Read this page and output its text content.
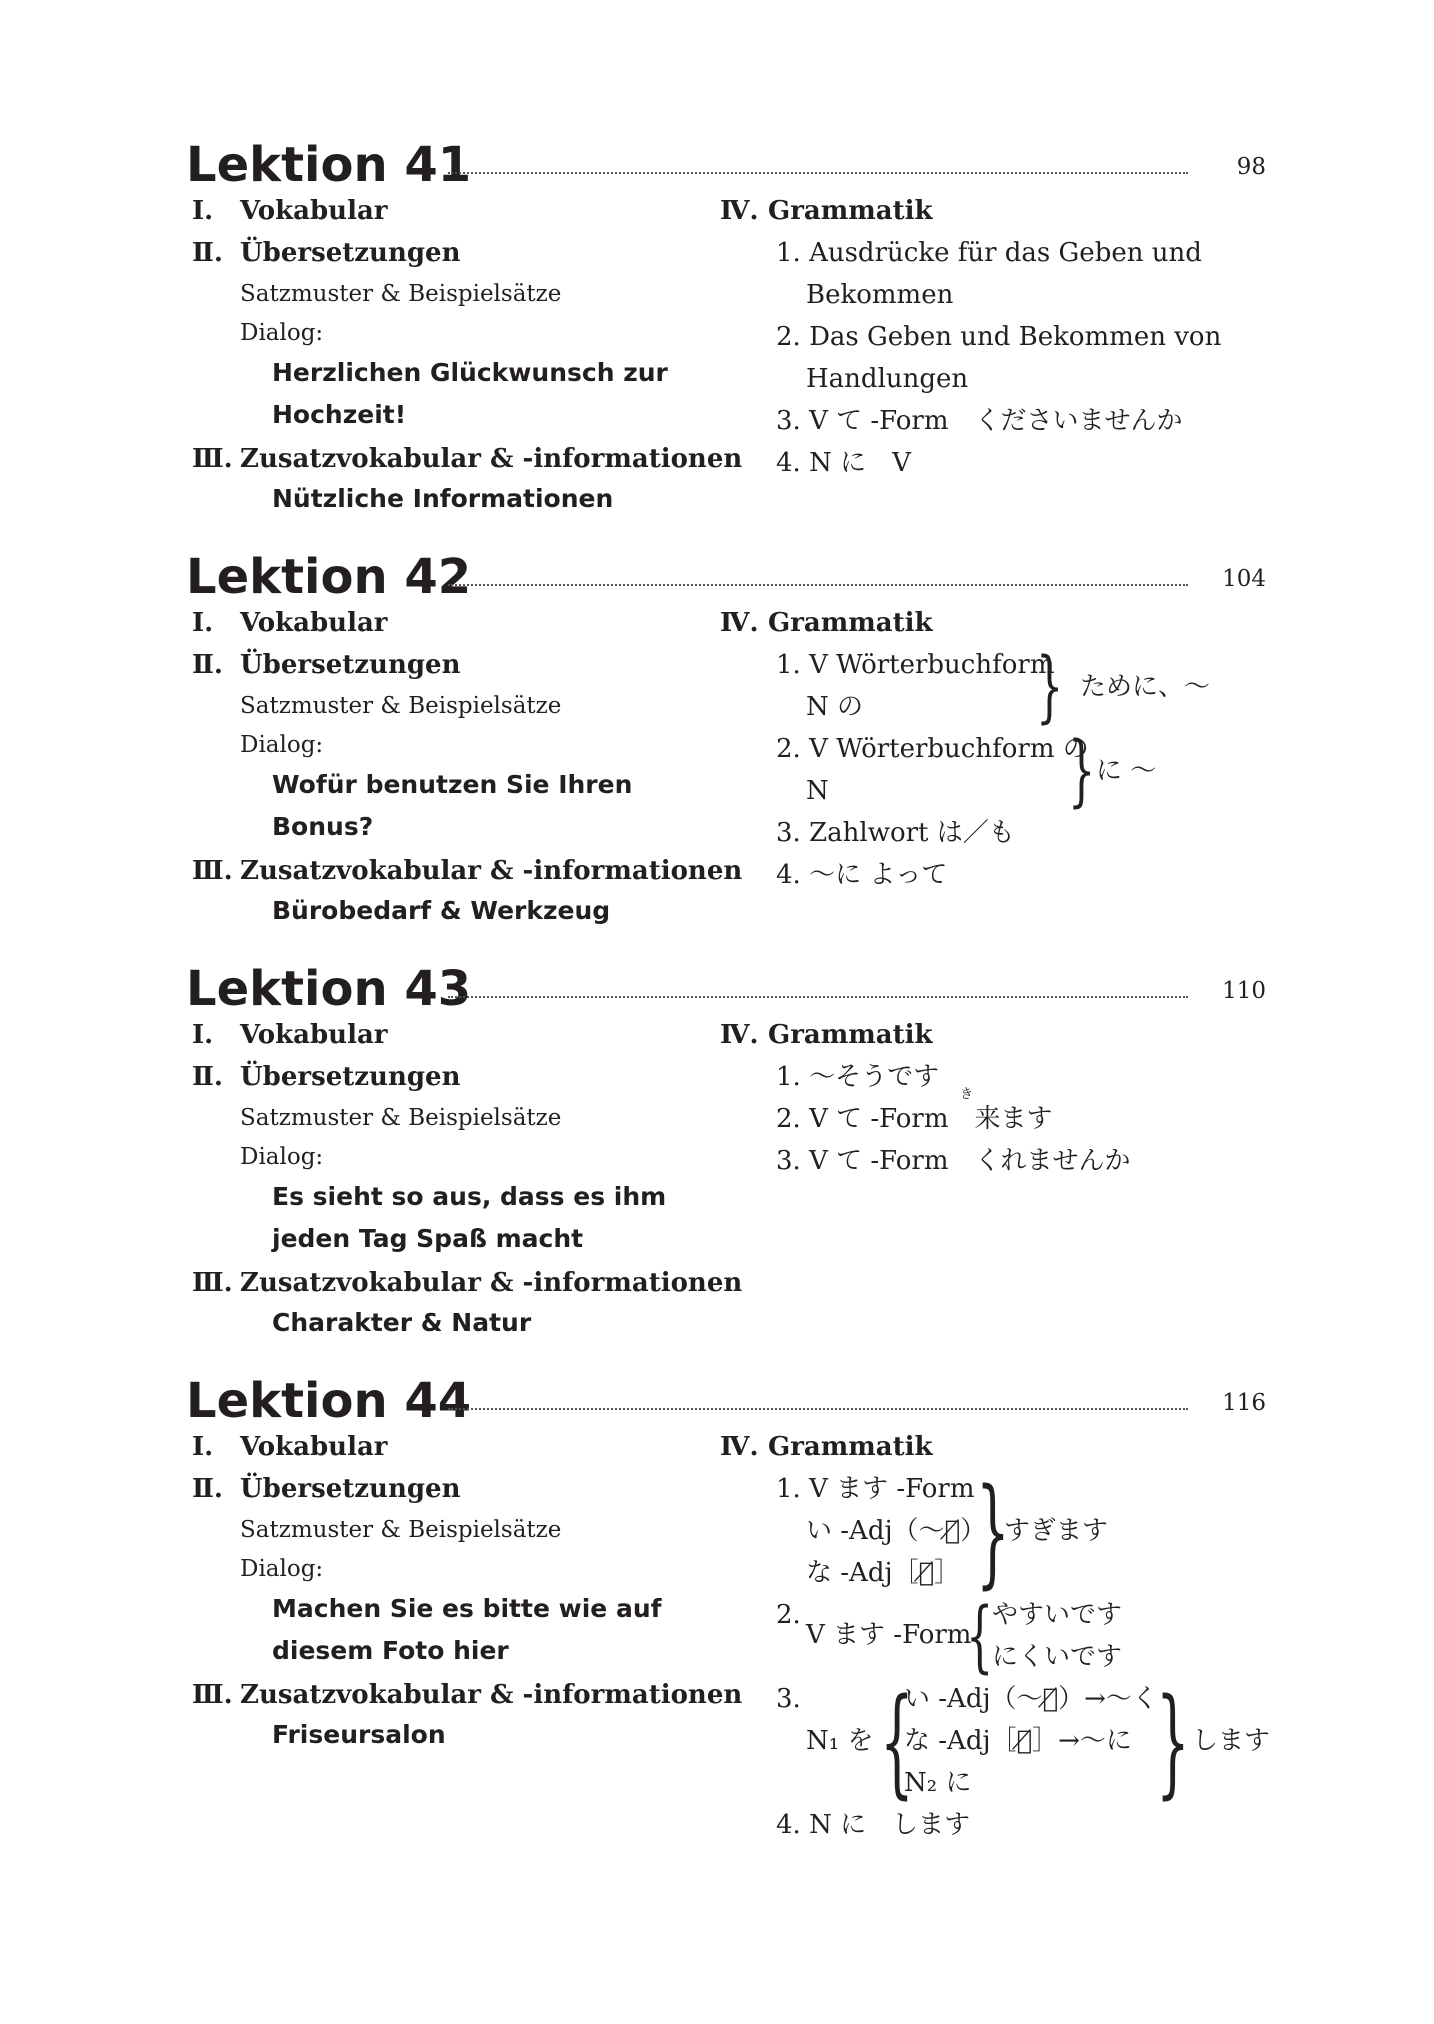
Lektion 41	98
Ⅰ. Vokabular
Ⅱ. Übersetzungen
Satzmuster & Beispielsätze
Dialog:
Herzlichen Glückwunsch zur
Hochzeit!
Ⅲ. Zusatzvokabular & -informationen
Nützliche Informationen
Ⅳ. Grammatik
1. Ausdrücke für das Geben und
Bekommen
2. Das Geben und Bekommen von
Handlungen
3. V て -Form　くださいませんか
4. N に　V
Lektion 42	104
Ⅰ. Vokabular
Ⅱ. Übersetzungen
Satzmuster & Beispielsätze
Dialog:
Wofür benutzen Sie Ihren
Bonus?
Ⅲ. Zusatzvokabular & -informationen
Bürobedarf & Werkzeug
Ⅳ. Grammatik
1. V Wörterbuchform
N の } ために、～
2. V Wörterbuchform の
N	} に ～
3. Zahlwort は／も
4. ～に よって
Lektion 43	110
Ⅰ. Vokabular
Ⅱ. Übersetzungen
Satzmuster & Beispielsätze
Dialog:
Es sieht so aus, dass es ihm
jeden Tag Spaß macht
Ⅲ. Zusatzvokabular & -informationen
Charakter & Natur
Ⅳ. Grammatik
1. ～そうです
き
2. V て -Form　来ます
3. V て -Form　くれませんか
Lektion 44	116
Ⅰ. Vokabular
Ⅱ. Übersetzungen
Satzmuster & Beispielsätze
Dialog:
Machen Sie es bitte wie auf
diesem Foto hier
Ⅲ. Zusatzvokabular & -informationen
Friseursalon
Ⅳ. Grammatik
1. V ます -Form
い -Adj（～い̸）
な -Adj［な̸］ }
すぎます
2.
V ます -Form
{
やすいです
にくいです
3.
N₁ を {
い -Adj（～い̸）→～く
な -Adj［な̸］→～に
N₂ に } します
4. N に　します
